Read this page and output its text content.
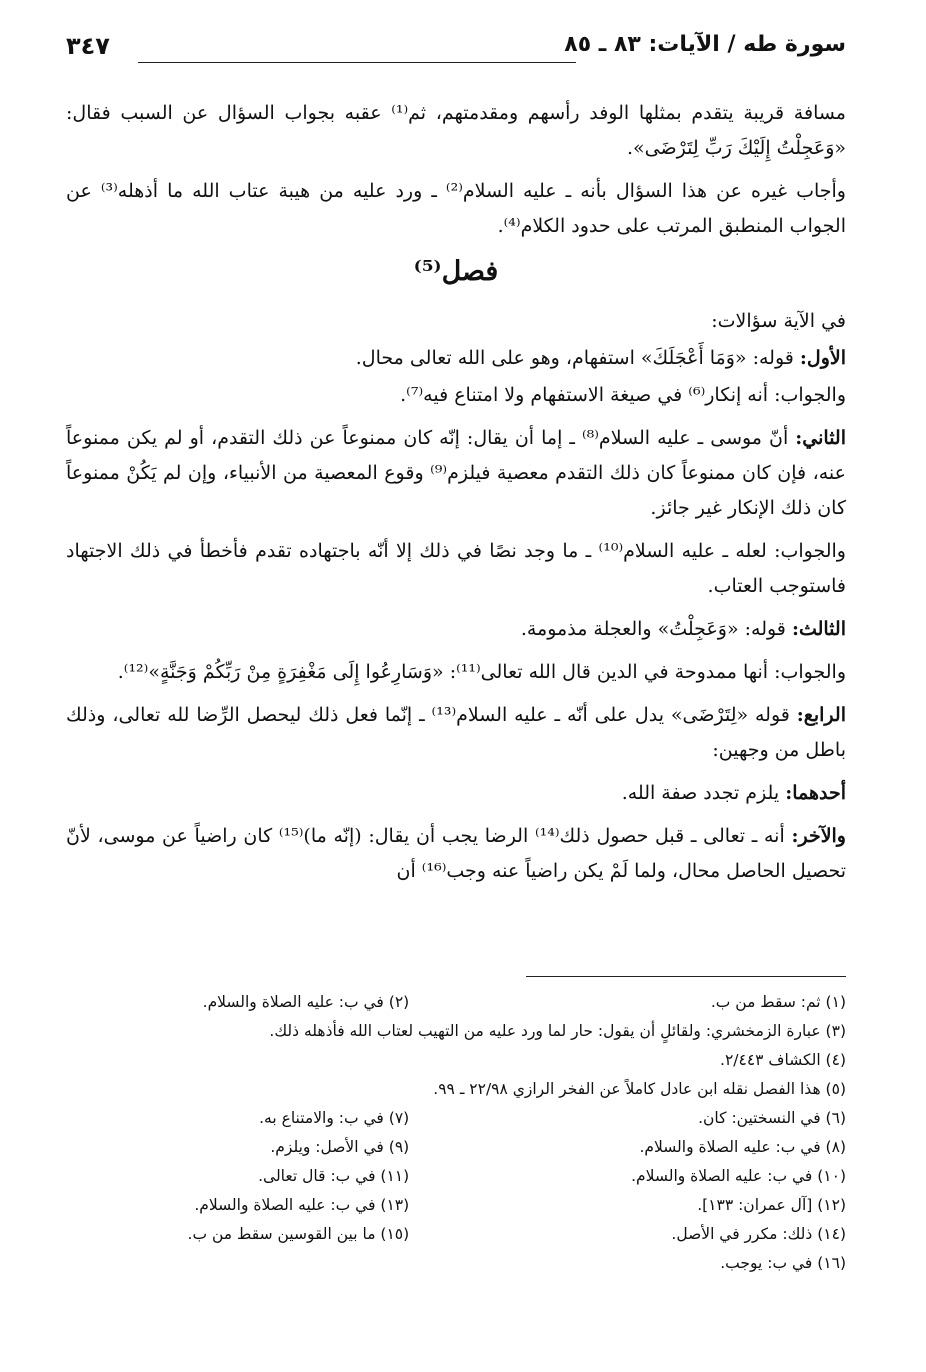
سورة طه / الآيات: ٨٣ ـ ٨٥
٣٤٧

مسافة قريبة يتقدم بمثلها الوفد رأسهم ومقدمتهم، ثم⁽¹⁾ عقبه بجواب السؤال عن السبب فقال: «وَعَجِلْتُ إِلَيْكَ رَبِّ لِتَرْضَى».

وأجاب غيره عن هذا السؤال بأنه ـ عليه السلام⁽²⁾ ـ ورد عليه من هيبة عتاب الله ما أذهله⁽³⁾ عن الجواب المنطبق المرتب على حدود الكلام⁽⁴⁾.

فصل⁽⁵⁾

في الآية سؤالات:

الأول: قوله: «وَمَا أَعْجَلَكَ» استفهام، وهو على الله تعالى محال.

والجواب: أنه إنكار⁽⁶⁾ في صيغة الاستفهام ولا امتناع فيه⁽⁷⁾.

الثاني: أنّ موسى ـ عليه السلام⁽⁸⁾ ـ إما أن يقال: إنّه كان ممنوعاً عن ذلك التقدم، أو لم يكن ممنوعاً عنه، فإن كان ممنوعاً كان ذلك التقدم معصية فيلزم⁽⁹⁾ وقوع المعصية من الأنبياء، وإن لم يَكُنْ ممنوعاً كان ذلك الإنكار غير جائز.

والجواب: لعله ـ عليه السلام⁽¹⁰⁾ ـ ما وجد نصًا في ذلك إلا أنّه باجتهاده تقدم فأخطأ في ذلك الاجتهاد فاستوجب العتاب.

الثالث: قوله: «وَعَجِلْتُ» والعجلة مذمومة.

والجواب: أنها ممدوحة في الدين قال الله تعالى⁽¹¹⁾: «وَسَارِعُوا إِلَى مَغْفِرَةٍ مِنْ رَبِّكُمْ وَجَنَّةٍ»⁽¹²⁾.

الرابع: قوله «لِتَرْضَى» يدل على أنّه ـ عليه السلام⁽¹³⁾ ـ إنّما فعل ذلك ليحصل الرِّضا لله تعالى، وذلك باطل من وجهين:

أحدهما: يلزم تجدد صفة الله.

والآخر: أنه ـ تعالى ـ قبل حصول ذلك⁽¹⁴⁾ الرضا يجب أن يقال: (إنّه ما)⁽¹⁵⁾ كان راضياً عن موسى، لأنّ تحصيل الحاصل محال، ولما لَمْ يكن راضياً عنه وجب⁽¹⁶⁾ أن

(١) ثم: سقط من ب.
(٢) في ب: عليه الصلاة والسلام.
(٣) عبارة الزمخشري: ولقائلٍ أن يقول: حار لما ورد عليه من التهيب لعتاب الله فأذهله ذلك.
(٤) الكشاف ٢/٤٤٣.
(٥) هذا الفصل نقله ابن عادل كاملاً عن الفخر الرازي ٢٢/٩٨ ـ ٩٩.
(٦) في النسختين: كان.
(٧) في ب: والامتناع به.
(٨) في ب: عليه الصلاة والسلام.
(٩) في الأصل: ويلزم.
(١٠) في ب: عليه الصلاة والسلام.
(١١) في ب: قال تعالى.
(١٢) [آل عمران: ١٣٣].
(١٣) في ب: عليه الصلاة والسلام.
(١٤) ذلك: مكرر في الأصل.
(١٥) ما بين القوسين سقط من ب.
(١٦) في ب: يوجب.
